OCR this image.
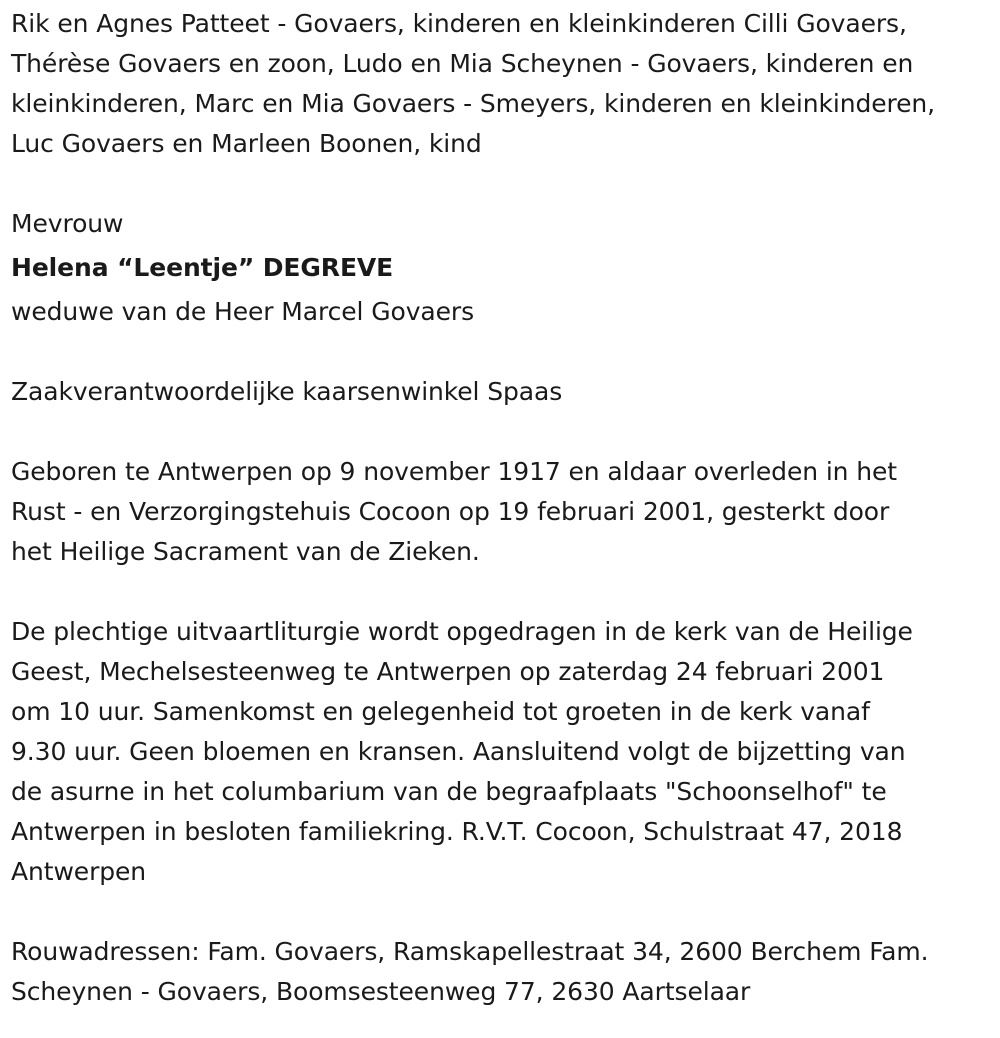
Rik en Agnes Patteet - Govaers, kinderen en kleinkinderen Cilli Govaers,
Thérèse Govaers en zoon, Ludo en Mia Scheynen - Govaers, kinderen en
kleinkinderen, Marc en Mia Govaers - Smeyers, kinderen en kleinkinderen,
Luc Govaers en Marleen Boonen, kind
Mevrouw
Helena “Leentje” DEGREVE
weduwe van de Heer Marcel Govaers
Zaakverantwoordelijke kaarsenwinkel Spaas
Geboren te Antwerpen op 9 november 1917 en aldaar overleden in het
Rust - en Verzorgingstehuis Cocoon op 19 februari 2001, gesterkt door
het Heilige Sacrament van de Zieken.
De plechtige uitvaartliturgie wordt opgedragen in de kerk van de Heilige
Geest, Mechelsesteenweg te Antwerpen op zaterdag 24 februari 2001
om 10 uur. Samenkomst en gelegenheid tot groeten in de kerk vanaf
9.30 uur. Geen bloemen en kransen. Aansluitend volgt de bijzetting van
de asurne in het columbarium van de begraafplaats "Schoonselhof" te
Antwerpen in besloten familiekring. R.V.T. Cocoon, Schulstraat 47, 2018
Antwerpen
Rouwadressen: Fam. Govaers, Ramskapellestraat 34, 2600 Berchem Fam.
Scheynen - Govaers, Boomsesteenweg 77, 2630 Aartselaar
